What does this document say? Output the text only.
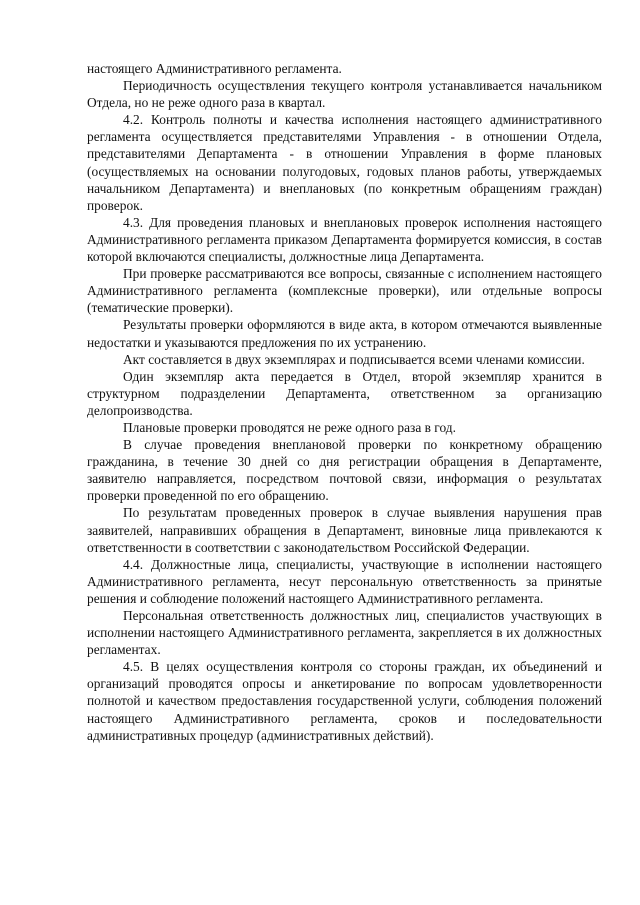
настоящего Административного регламента.

Периодичность осуществления текущего контроля устанавливается начальником Отдела, но не реже одного раза в квартал.

4.2. Контроль полноты и качества исполнения настоящего административного регламента осуществляется представителями Управления - в отношении Отдела, представителями Департамента - в отношении Управления в форме плановых (осуществляемых на основании полугодовых, годовых планов работы, утверждаемых начальником Департамента) и внеплановых (по конкретным обращениям граждан) проверок.

4.3. Для проведения плановых и внеплановых проверок исполнения настоящего Административного регламента приказом Департамента формируется комиссия, в состав которой включаются специалисты, должностные лица Департамента.

При проверке рассматриваются все вопросы, связанные с исполнением настоящего Административного регламента (комплексные проверки), или отдельные вопросы (тематические проверки).

Результаты проверки оформляются в виде акта, в котором отмечаются выявленные недостатки и указываются предложения по их устранению.

Акт составляется в двух экземплярах и подписывается всеми членами комиссии.

Один экземпляр акта передается в Отдел, второй экземпляр хранится в структурном подразделении Департамента, ответственном за организацию делопроизводства.

Плановые проверки проводятся не реже одного раза в год.

В случае проведения внеплановой проверки по конкретному обращению гражданина, в течение 30 дней со дня регистрации обращения в Департаменте, заявителю направляется, посредством почтовой связи, информация о результатах проверки проведенной по его обращению.

По результатам проведенных проверок в случае выявления нарушения прав заявителей, направивших обращения в Департамент, виновные лица привлекаются к ответственности в соответствии с законодательством Российской Федерации.

4.4. Должностные лица, специалисты, участвующие в исполнении настоящего Административного регламента, несут персональную ответственность за принятые решения и соблюдение положений настоящего Административного регламента.

Персональная ответственность должностных лиц, специалистов участвующих в исполнении настоящего Административного регламента, закрепляется в их должностных регламентах.

4.5. В целях осуществления контроля со стороны граждан, их объединений и организаций проводятся опросы и анкетирование по вопросам удовлетворенности полнотой и качеством предоставления государственной услуги, соблюдения положений настоящего Административного регламента, сроков и последовательности административных процедур (административных действий).
